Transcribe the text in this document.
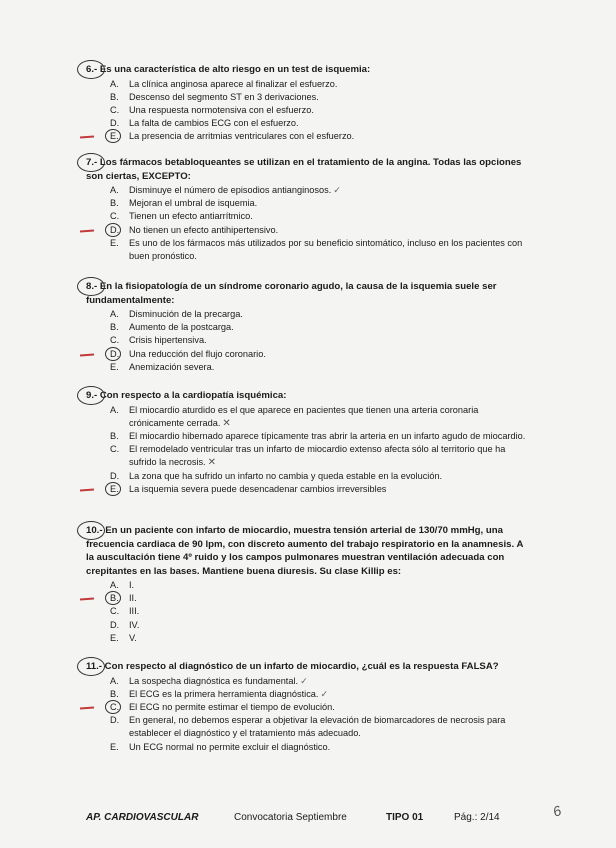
6.- Es una característica de alto riesgo en un test de isquemia:

A.	La clínica anginosa aparece al finalizar el esfuerzo.
B.	Descenso del segmento ST en 3 derivaciones.
C.	Una respuesta normotensiva con el esfuerzo.
D.	La falta de cambios ECG con el esfuerzo.
E.	La presencia de arritmias ventriculares con el esfuerzo.

7.- Los fármacos betabloqueantes se utilizan en el tratamiento de la angina. Todas las opciones son ciertas, EXCEPTO:

A.	Disminuye el número de episodios antianginosos. ✓
B.	Mejoran el umbral de isquemia.
C.	Tienen un efecto antiarrítmico.
D.	No tienen un efecto antihipertensivo.
E.	Es uno de los fármacos más utilizados por su beneficio sintomático, incluso en los pacientes con buen pronóstico.

8.- En la fisiopatología de un síndrome coronario agudo, la causa de la isquemia suele ser fundamentalmente:

A.	Disminución de la precarga.
B.	Aumento de la postcarga.
C.	Crisis hipertensiva.
D.	Una reducción del flujo coronario.
E.	Anemización severa.

9.- Con respecto a la cardiopatía isquémica:

A.	El miocardio aturdido es el que aparece en pacientes que tienen una arteria coronaria crónicamente cerrada. ✕
B.	El miocardio hibernado aparece típicamente tras abrir la arteria en un infarto agudo de miocardio.
C.	El remodelado ventricular tras un infarto de miocardio extenso afecta sólo al territorio que ha sufrido la necrosis. ✕
D.	La zona que ha sufrido un infarto no cambia y queda estable en la evolución.
E.	La isquemia severa puede desencadenar cambios irreversibles

10.- En un paciente con infarto de miocardio, muestra tensión arterial de 130/70 mmHg, una frecuencia cardiaca de 90 lpm, con discreto aumento del trabajo respiratorio en la anamnesis. A la auscultación tiene 4º ruido y los campos pulmonares muestran ventilación adecuada con crepitantes en las bases. Mantiene buena diuresis. Su clase Killip es:

A.	I.
B.	II.
C.	III.
D.	IV.
E.	V.

11.- Con respecto al diagnóstico de un infarto de miocardio, ¿cuál es la respuesta FALSA?

A.	La sospecha diagnóstica es fundamental. ✓
B.	El ECG es la primera herramienta diagnóstica. ✓
C.	El ECG no permite estimar el tiempo de evolución.
D.	En general, no debemos esperar a objetivar la elevación de biomarcadores de necrosis para establecer el diagnóstico y el tratamiento más adecuado.
E.	Un ECG normal no permite excluir el diagnóstico.
AP. CARDIOVASCULAR	Convocatoria Septiembre	TIPO 01	Pág.: 2/14	6
